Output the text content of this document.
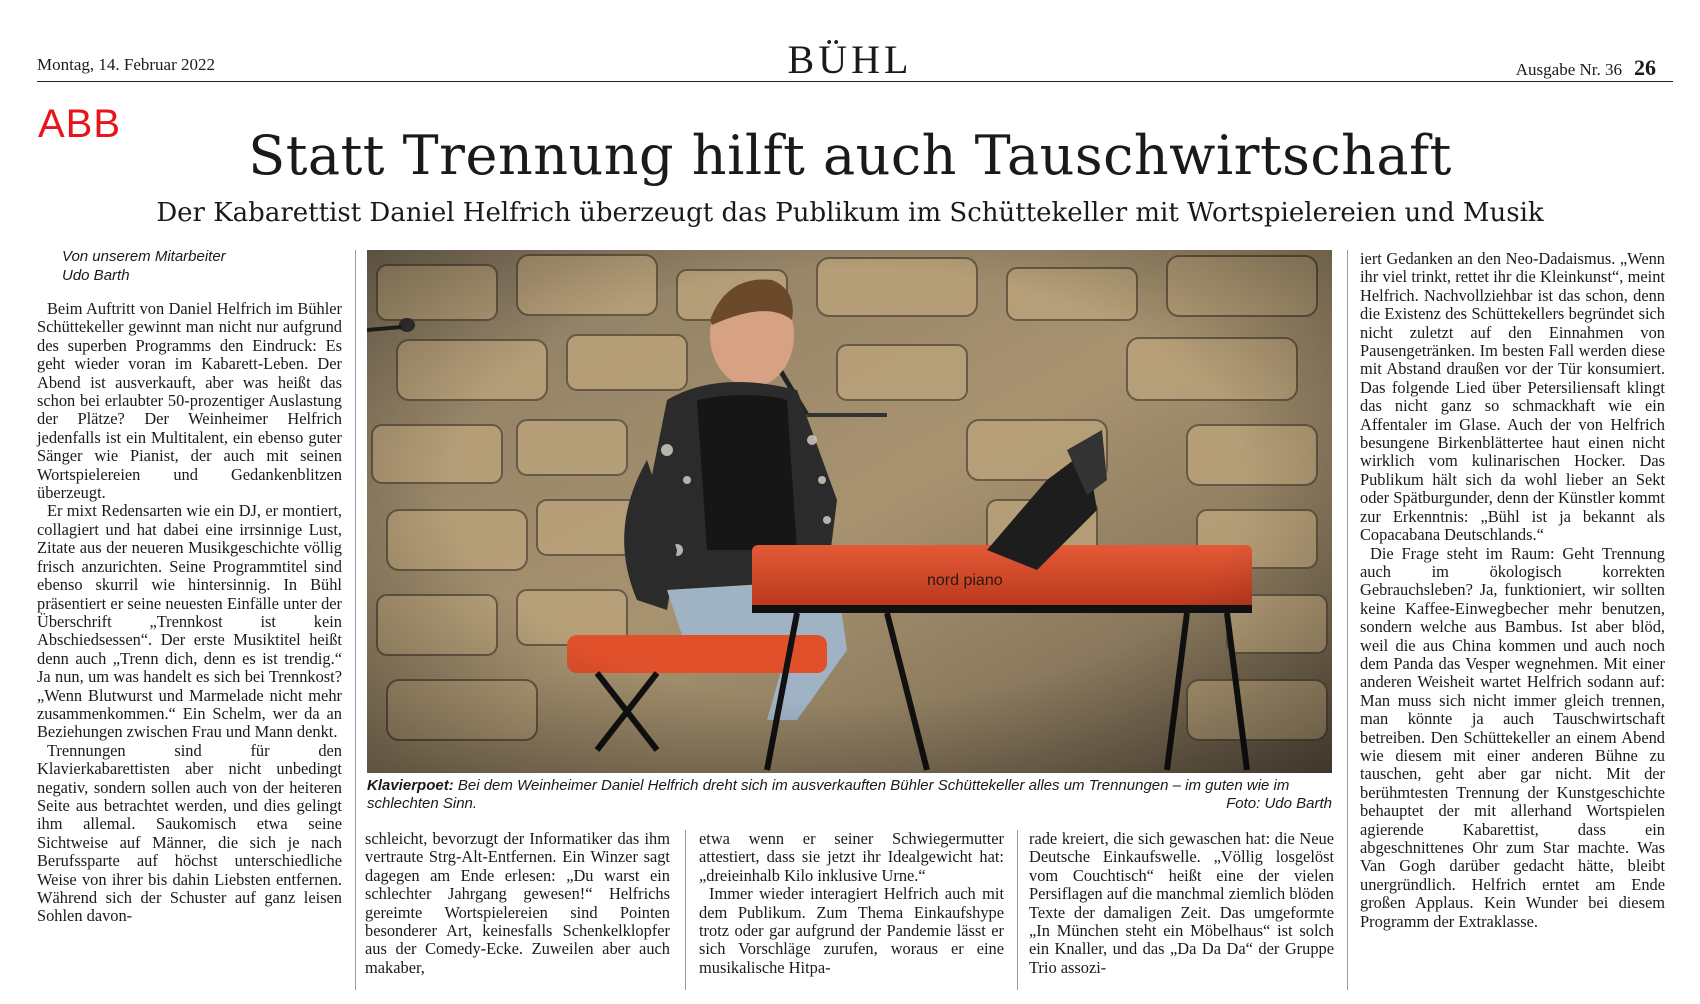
Montag, 14. Februar 2022	BÜHL	Ausgabe Nr. 36 26
ABB	Statt Trennung hilft auch Tauschwirtschaft
Der Kabarettist Daniel Helfrich überzeugt das Publikum im Schüttekeller mit Wortspielereien und Musik
Von unserem Mitarbeiter
Udo Barth

Beim Auftritt von Daniel Helfrich im Bühler Schüttekeller gewinnt man nicht nur aufgrund des superben Programms den Eindruck: Es geht wieder voran im Kabarett-Leben. Der Abend ist ausverkauft, aber was heißt das schon bei erlaubter 50-prozentiger Auslastung der Plätze? Der Weinheimer Helfrich jedenfalls ist ein Multitalent, ein ebenso guter Sänger wie Pianist, der auch mit seinen Wortspielereien und Gedankenblitzen überzeugt.

Er mixt Redensarten wie ein DJ, er montiert, collagiert und hat dabei eine irrsinnige Lust, Zitate aus der neueren Musikgeschichte völlig frisch anzurichten. Seine Programmtitel sind ebenso skurril wie hintersinnig. In Bühl präsentiert er seine neuesten Einfälle unter der Überschrift „Trennkost ist kein Abschiedsessen“. Der erste Musiktitel heißt denn auch „Trenn dich, denn es ist trendig.“ Ja nun, um was handelt es sich bei Trennkost? „Wenn Blutwurst und Marmelade nicht mehr zusammenkommen.“ Ein Schelm, wer da an Beziehungen zwischen Frau und Mann denkt.

Trennungen sind für den Klavierkabarettisten aber nicht unbedingt negativ, sondern sollen auch von der heiteren Seite aus betrachtet werden, und dies gelingt ihm allemal. Saukomisch etwa seine Sichtweise auf Männer, die sich je nach Berufssparte auf höchst unterschiedliche Weise von ihrer bis dahin Liebsten entfernen. Während sich der Schuster auf ganz leisen Sohlen davon-

Klavierpoet: Bei dem Weinheimer Daniel Helfrich dreht sich im ausverkauften Bühler Schüttekeller alles um Trennungen – im guten wie im schlechten Sinn.	Foto: Udo Barth

schleicht, bevorzugt der Informatiker das ihm vertraute Strg-Alt-Entfernen. Ein Winzer sagt dagegen am Ende erlesen: „Du warst ein schlechter Jahrgang gewesen!“ Helfrichs gereimte Wortspielereien sind Pointen besonderer Art, keinesfalls Schenkelklopfer aus der Comedy-Ecke. Zuweilen aber auch makaber,

etwa wenn er seiner Schwiegermutter attestiert, dass sie jetzt ihr Idealgewicht hat: „dreieinhalb Kilo inklusive Urne.“

Immer wieder interagiert Helfrich auch mit dem Publikum. Zum Thema Einkaufshype trotz oder gar aufgrund der Pandemie lässt er sich Vorschläge zurufen, woraus er eine musikalische Hitpa-

rade kreiert, die sich gewaschen hat: die Neue Deutsche Einkaufswelle. „Völlig losgelöst vom Couchtisch“ heißt eine der vielen Persiflagen auf die manchmal ziemlich blöden Texte der damaligen Zeit. Das umgeformte „In München steht ein Möbelhaus“ ist solch ein Knaller, und das „Da Da Da“ der Gruppe Trio assozi-

iert Gedanken an den Neo-Dadaismus. „Wenn ihr viel trinkt, rettet ihr die Kleinkunst“, meint Helfrich. Nachvollziehbar ist das schon, denn die Existenz des Schüttekellers begründet sich nicht zuletzt auf den Einnahmen von Pausengetränken. Im besten Fall werden diese mit Abstand draußen vor der Tür konsumiert. Das folgende Lied über Petersiliensaft klingt das nicht ganz so schmackhaft wie ein Affentaler im Glase. Auch der von Helfrich besungene Birkenblättertee haut einen nicht wirklich vom kulinarischen Hocker. Das Publikum hält sich da wohl lieber an Sekt oder Spätburgunder, denn der Künstler kommt zur Erkenntnis: „Bühl ist ja bekannt als Copacabana Deutschlands.“

Die Frage steht im Raum: Geht Trennung auch im ökologisch korrekten Gebrauchsleben? Ja, funktioniert, wir sollten keine Kaffee-Einwegbecher mehr benutzen, sondern welche aus Bambus. Ist aber blöd, weil die aus China kommen und auch noch dem Panda das Vesper wegnehmen. Mit einer anderen Weisheit wartet Helfrich sodann auf: Man muss sich nicht immer gleich trennen, man könnte ja auch Tauschwirtschaft betreiben. Den Schüttekeller an einem Abend wie diesem mit einer anderen Bühne zu tauschen, geht aber gar nicht. Mit der berühmtesten Trennung der Kunstgeschichte behauptet der mit allerhand Wortspielen agierende Kabarettist, dass ein abgeschnittenes Ohr zum Star machte. Was Van Gogh darüber gedacht hätte, bleibt unergründlich. Helfrich erntet am Ende großen Applaus. Kein Wunder bei diesem Programm der Extraklasse.
